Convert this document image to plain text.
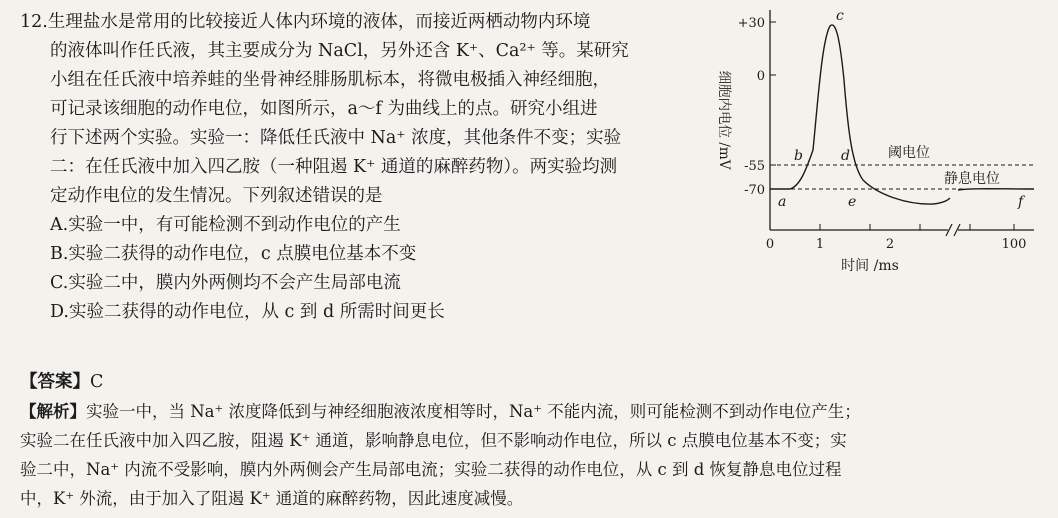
12.生理盐水是常用的比较接近人体内环境的液体，而接近两栖动物内环境
的液体叫作任氏液，其主要成分为 NaCl，另外还含 K⁺、Ca²⁺ 等。某研究
小组在任氏液中培养蛙的坐骨神经腓肠肌标本，将微电极插入神经细胞，
可记录该细胞的动作电位，如图所示，a～f 为曲线上的点。研究小组进
行下述两个实验。实验一：降低任氏液中 Na⁺ 浓度，其他条件不变；实验
二：在任氏液中加入四乙胺（一种阻遏 K⁺ 通道的麻醉药物）。两实验均测
定动作电位的发生情况。下列叙述错误的是
A.实验一中，有可能检测不到动作电位的产生
B.实验二获得的动作电位，c 点膜电位基本不变
C.实验二中，膜内外两侧均不会产生局部电流
D.实验二获得的动作电位，从 c 到 d 所需时间更长
【答案】C
【解析】实验一中，当 Na⁺ 浓度降低到与神经细胞液浓度相等时，Na⁺ 不能内流，则可能检测不到动作电位产生；
实验二在任氏液中加入四乙胺，阻遏 K⁺ 通道，影响静息电位，但不影响动作电位，所以 c 点膜电位基本不变；实
验二中，Na⁺ 内流不受影响，膜内外两侧会产生局部电流；实验二获得的动作电位，从 c 到 d 恢复静息电位过程
中，K⁺ 外流，由于加入了阻遏 K⁺ 通道的麻醉药物，因此速度减慢。
+30
0
-55
-70
0	1	2	100
阈电位
静息电位
a
b
c
d
e	f
细胞内电位 /mV
时间 /ms
